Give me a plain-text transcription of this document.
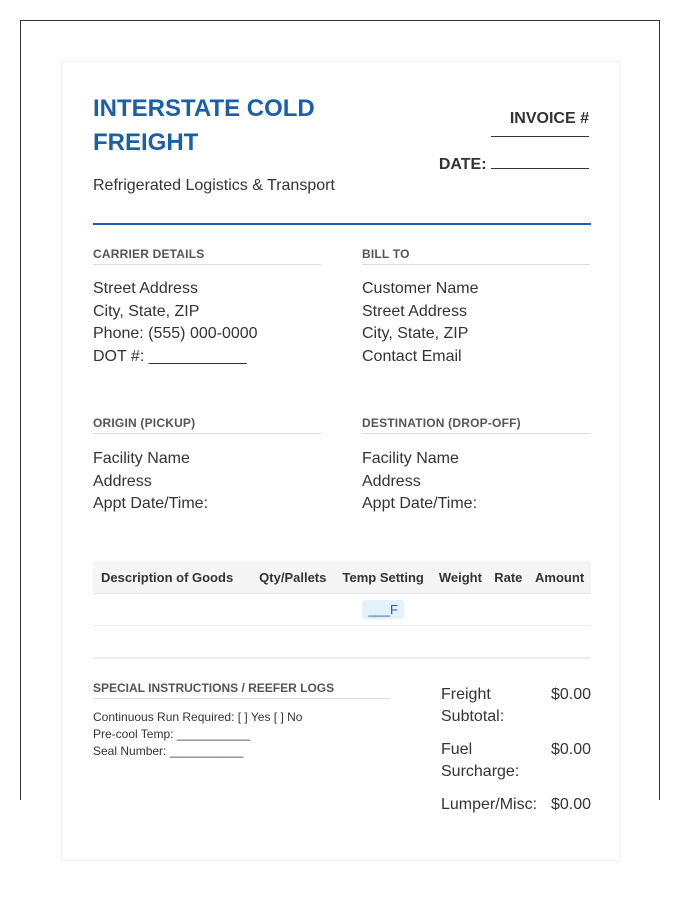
INTERSTATE COLD FREIGHT
Refrigerated Logistics & Transport
INVOICE #
DATE:
CARRIER DETAILS
Street Address
City, State, ZIP
Phone: (555) 000-0000
DOT #: ___________
BILL TO
Customer Name
Street Address
City, State, ZIP
Contact Email
ORIGIN (PICKUP)
Facility Name
Address
Appt Date/Time:
DESTINATION (DROP-OFF)
Facility Name
Address
Appt Date/Time:
Description of Goods	Qty/Pallets	Temp Setting	Weight	Rate	Amount
		___F			

SPECIAL INSTRUCTIONS / REEFER LOGS
Continuous Run Required: [ ] Yes [ ] No
Pre-cool Temp: ___________
Seal Number: ___________
Freight Subtotal:
$0.00
Fuel Surcharge:
$0.00
Lumper/Misc: $0.00
